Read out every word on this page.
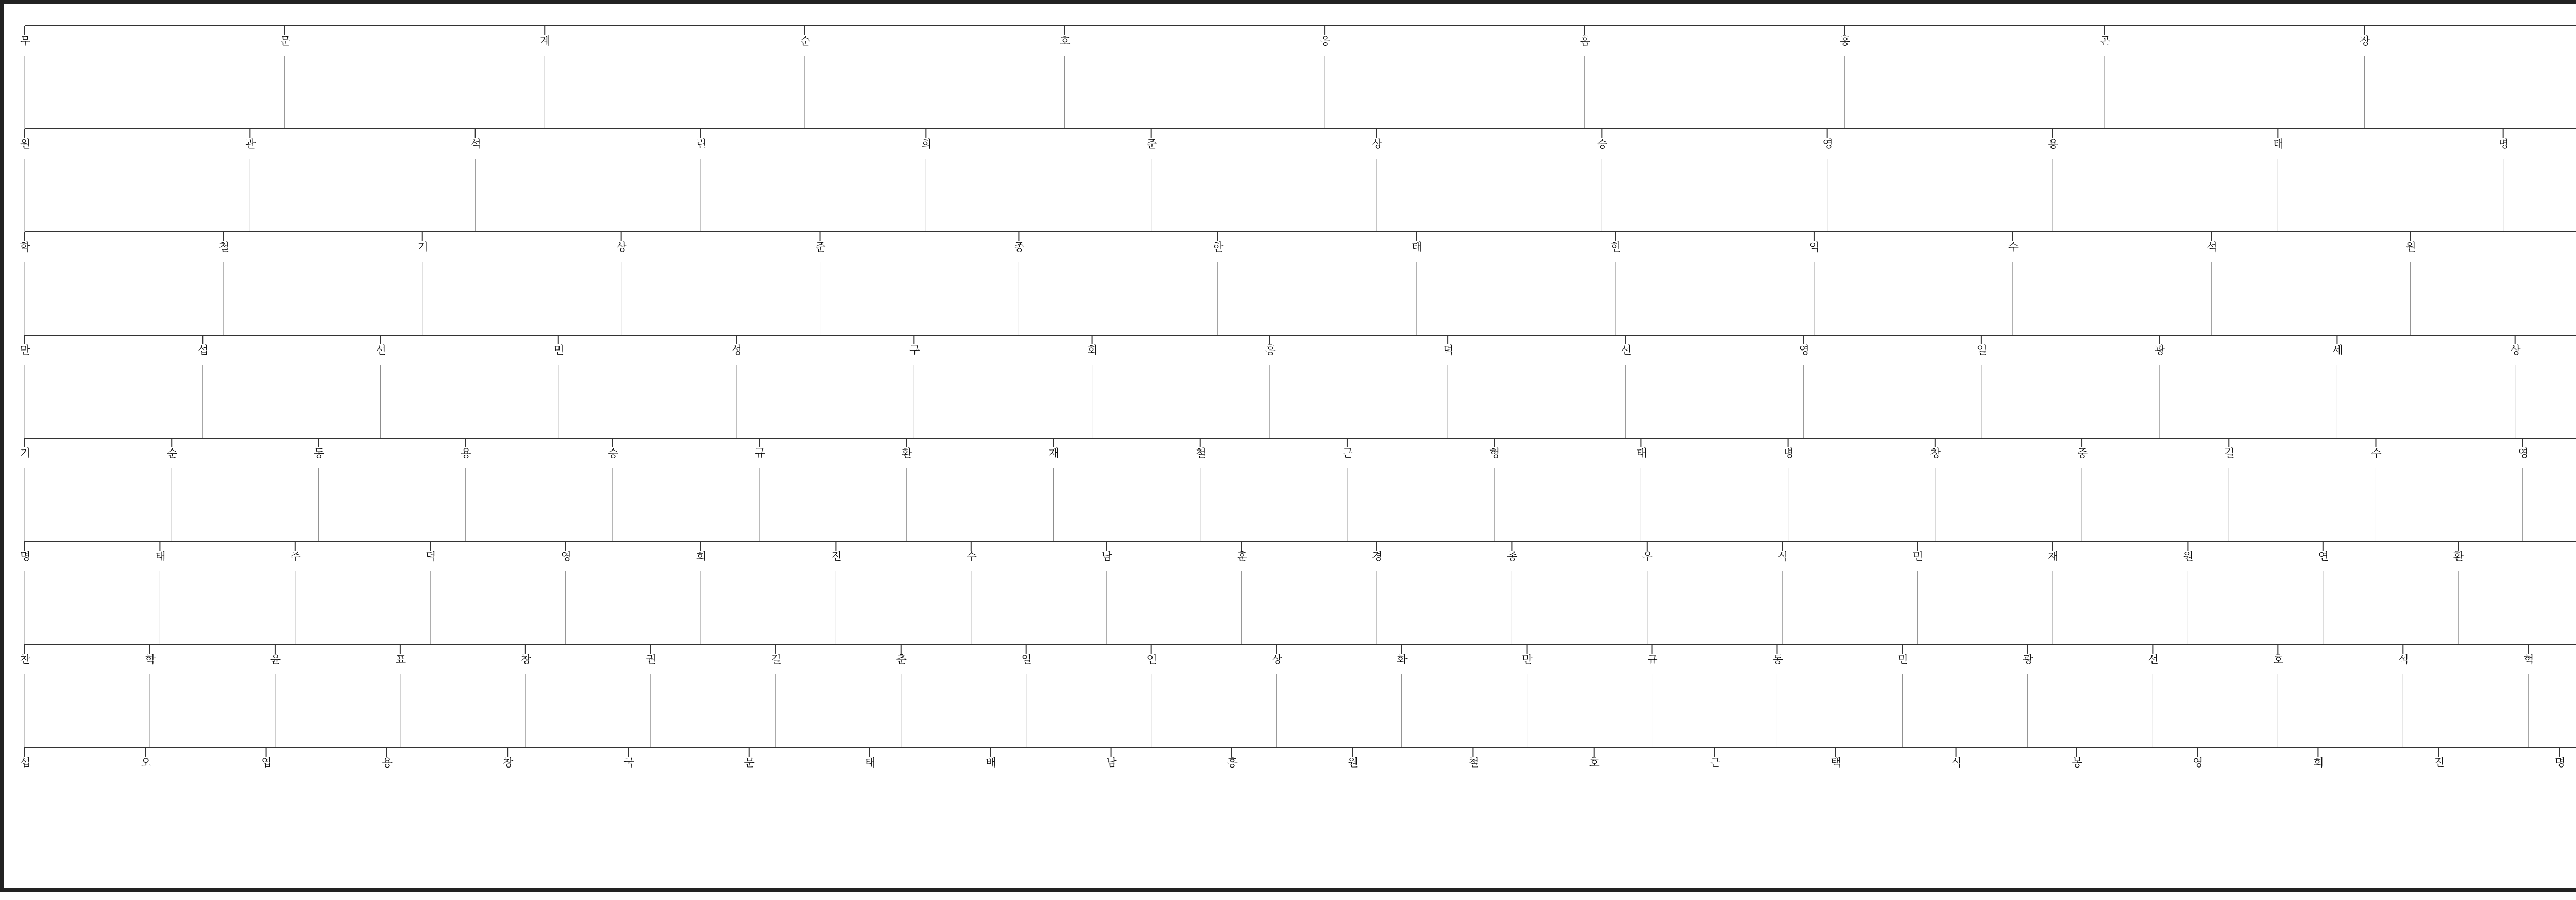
장
곤
홍
흠
응
호
순
계
문
무
명
태
용
영
승
상
준
희
린
석
관
원
원
석
수
익
현
태
한
종
준
상
기
철
학
상
세
광
일
영
선
덕
흥
회
구
성
민
선
섭
만
영
수
길
중
창
병
태
형
근
철
재
환
규
승
용
동
순
기
환
연
원
재
민
식
우
종
경
훈
남
수
진
희
영
덕
주
태
명
혁
석
호
선
광
민
동
규
만
화
상
인
일
춘
길
권
창
표
윤
학
찬
명
진
희
영
봉
식
택
근
호
철
원
흥
남
배
태
문
국
창
용
엽
오
섭
